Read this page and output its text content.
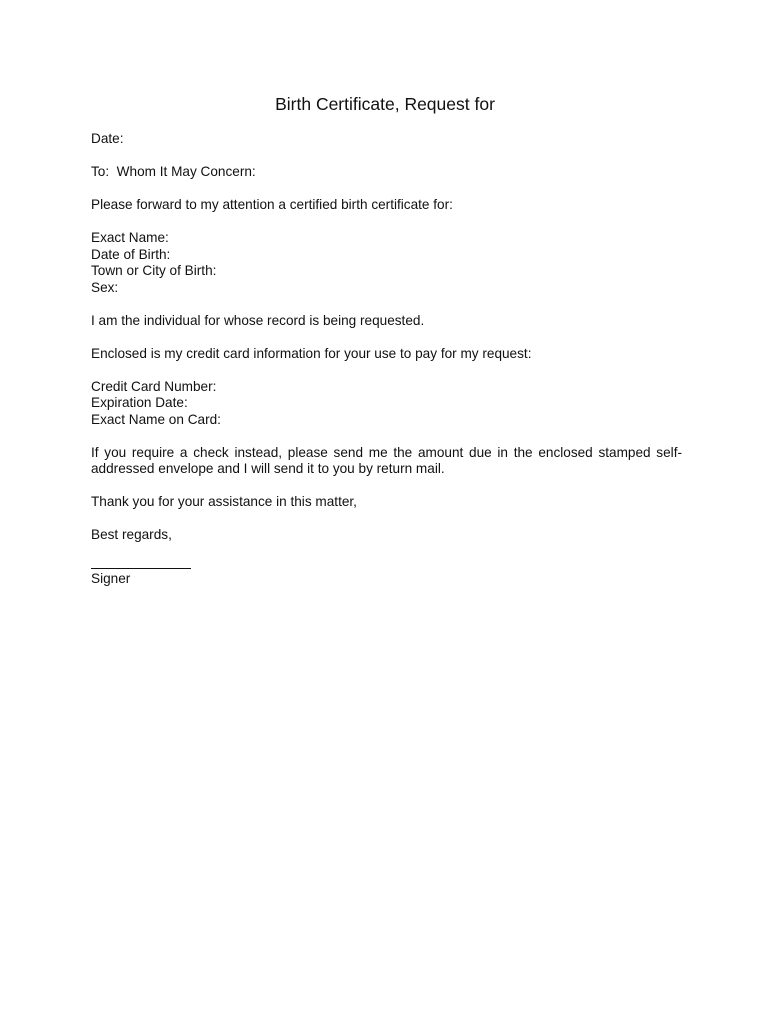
Birth Certificate, Request for

Date:

To:  Whom It May Concern:

Please forward to my attention a certified birth certificate for:

Exact Name:
Date of Birth:
Town or City of Birth:
Sex:

I am the individual for whose record is being requested.

Enclosed is my credit card information for your use to pay for my request:

Credit Card Number:
Expiration Date:
Exact Name on Card:

If you require a check instead, please send me the amount due in the enclosed stamped self-addressed envelope and I will send it to you by return mail.

Thank you for your assistance in this matter,

Best regards,

Signer
